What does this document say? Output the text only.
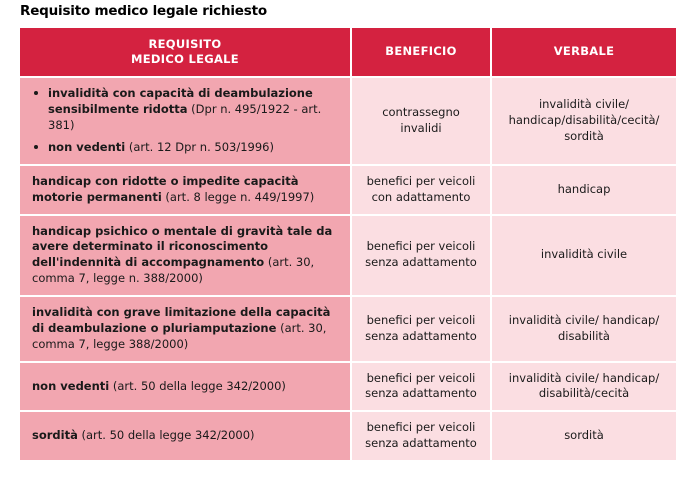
Requisito medico legale richiesto
REQUISITO
MEDICO LEGALE	BENEFICIO	VERBALE

invalidità con capacità di deambulazione sensibilmente ridotta (Dpr n. 495/1922 - art. 381)
non vedenti (art. 12 Dpr n. 503/1996)
	contrassegno invalidi	invalidità civile/ handicap/disabilità/cecità/ sordità

handicap con ridotte o impedite capacità motorie permanenti (art. 8 legge n. 449/1997)
	benefici per veicoli con adattamento	handicap

handicap psichico o mentale di gravità tale da avere determinato il riconoscimento dell'indennità di accompagnamento (art. 30, comma 7, legge n. 388/2000)
	benefici per veicoli senza adattamento	invalidità civile

invalidità con grave limitazione della capacità di deambulazione o pluriamputazione (art. 30, comma 7, legge 388/2000)
	benefici per veicoli senza adattamento	invalidità civile/ handicap/ disabilità

non vedenti (art. 50 della legge 342/2000)
	benefici per veicoli senza adattamento	invalidità civile/ handicap/ disabilità/cecità

sordità (art. 50 della legge 342/2000)
	benefici per veicoli senza adattamento	sordità
